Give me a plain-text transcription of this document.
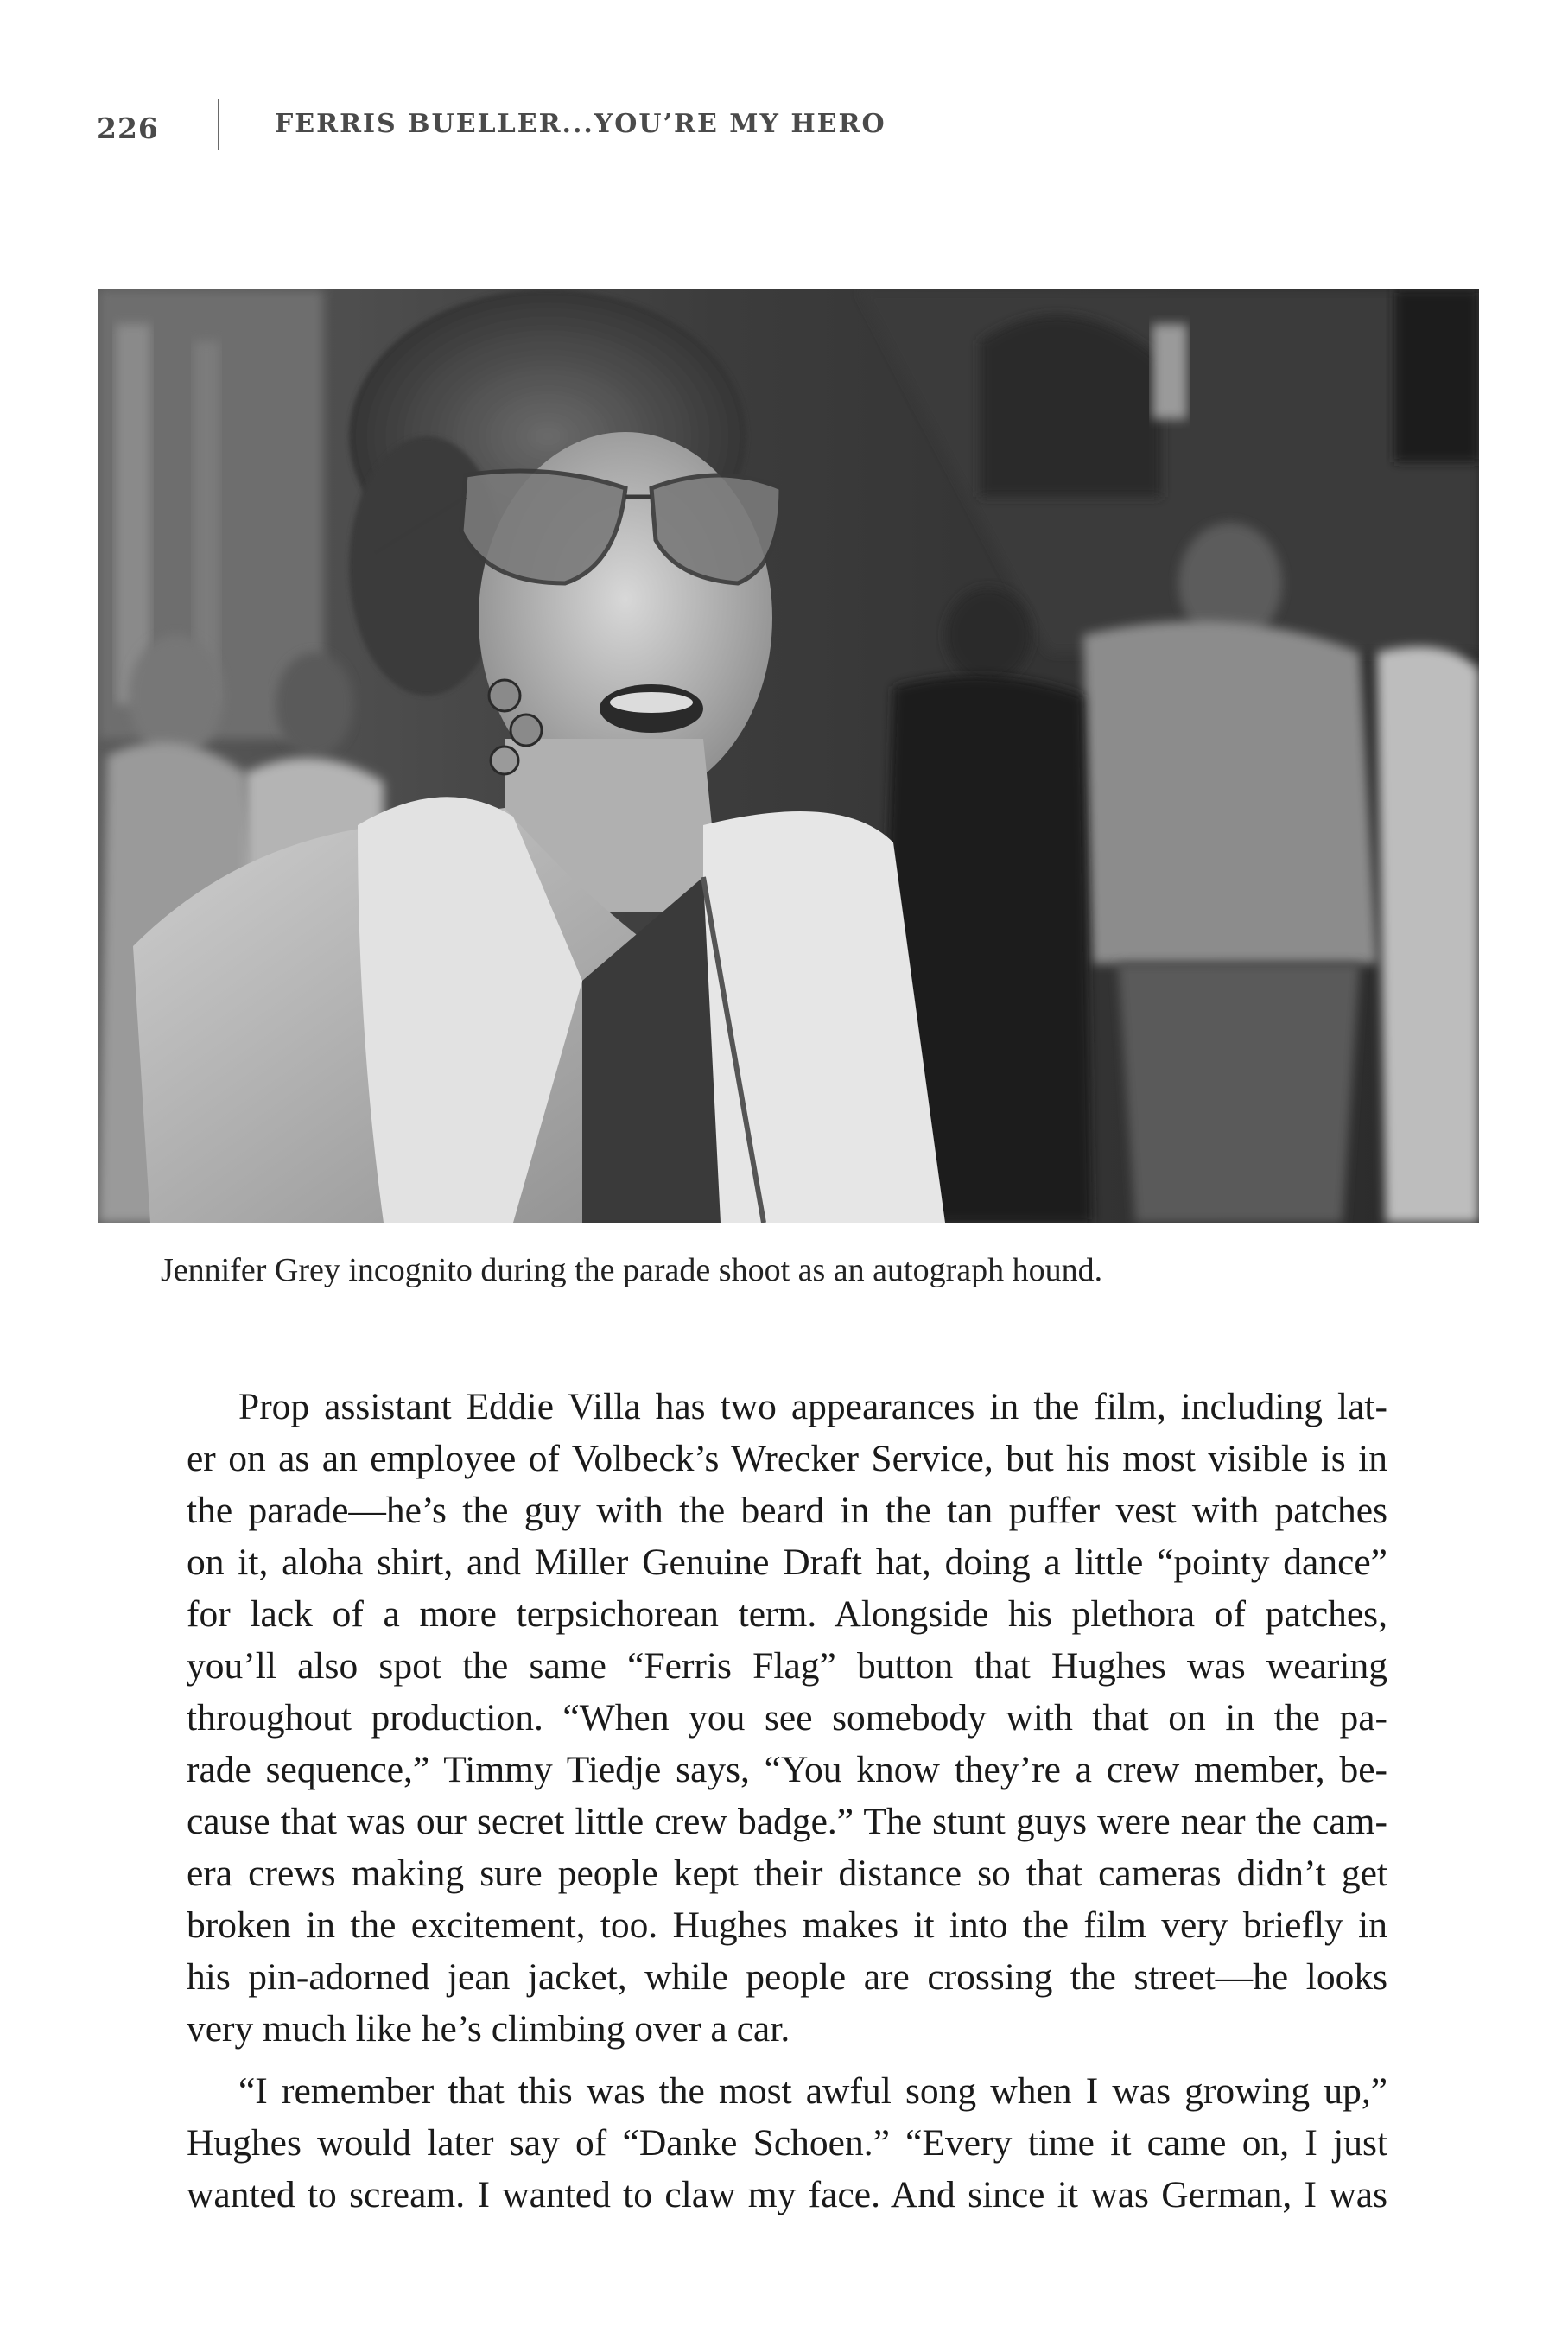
226	FERRIS BUELLER...YOU’RE MY HERO
Jennifer Grey incognito during the parade shoot as an autograph hound.

Prop assistant Eddie Villa has two appearances in the film, including lat-
er on as an employee of Volbeck’s Wrecker Service, but his most visible is in
the parade—he’s the guy with the beard in the tan puffer vest with patches
on it, aloha shirt, and Miller Genuine Draft hat, doing a little “pointy dance”
for lack of a more terpsichorean term. Alongside his plethora of patches,
you’ll also spot the same “Ferris Flag” button that Hughes was wearing
throughout production. “When you see somebody with that on in the pa-
rade sequence,” Timmy Tiedje says, “You know they’re a crew member, be-
cause that was our secret little crew badge.” The stunt guys were near the cam-
era crews making sure people kept their distance so that cameras didn’t get
broken in the excitement, too. Hughes makes it into the film very briefly in
his pin-adorned jean jacket, while people are crossing the street—he looks
very much like he’s climbing over a car.

“I remember that this was the most awful song when I was growing up,”
Hughes would later say of “Danke Schoen.” “Every time it came on, I just
wanted to scream. I wanted to claw my face. And since it was German, I was
